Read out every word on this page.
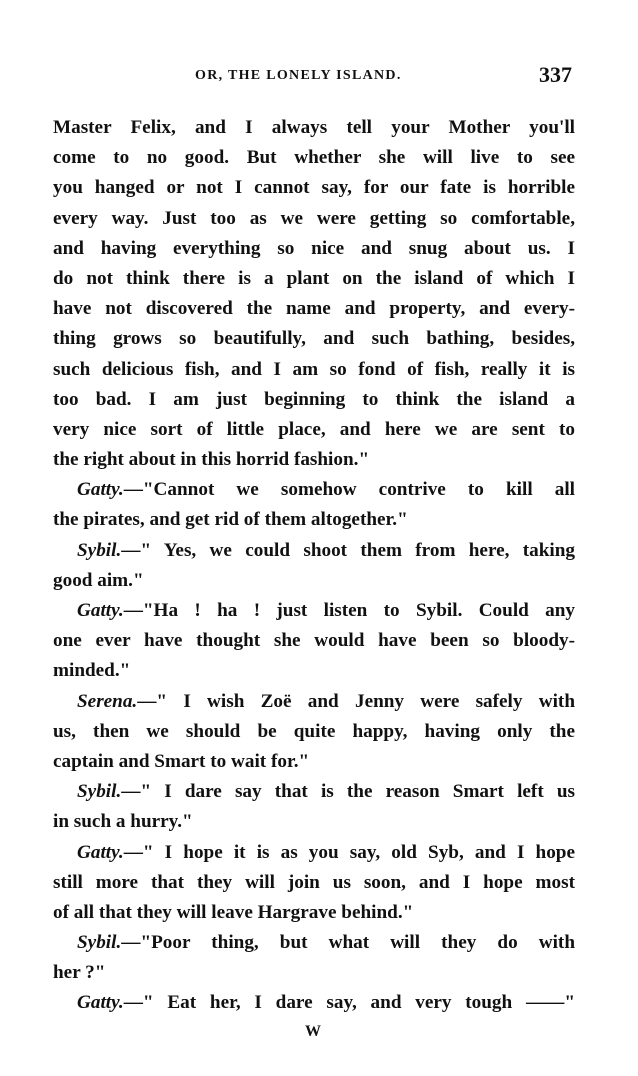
OR, THE LONELY ISLAND.	337
Master Felix, and I always tell your Mother you'll
come to no good. But whether she will live to see
you hanged or not I cannot say, for our fate is horrible
every way. Just too as we were getting so comfortable,
and having everything so nice and snug about us. I
do not think there is a plant on the island of which I
have not discovered the name and property, and every-
thing grows so beautifully, and such bathing, besides,
such delicious fish, and I am so fond of fish, really it is
too bad. I am just beginning to think the island a
very nice sort of little place, and here we are sent to
the right about in this horrid fashion."
Gatty.—"Cannot we somehow contrive to kill all
the pirates, and get rid of them altogether."
Sybil.—" Yes, we could shoot them from here, taking
good aim."
Gatty.—"Ha ! ha ! just listen to Sybil. Could any
one ever have thought she would have been so bloody-
minded."
Serena.—" I wish Zoë and Jenny were safely with
us, then we should be quite happy, having only the
captain and Smart to wait for."
Sybil.—" I dare say that is the reason Smart left us
in such a hurry."
Gatty.—" I hope it is as you say, old Syb, and I hope
still more that they will join us soon, and I hope most
of all that they will leave Hargrave behind."
Sybil.—"Poor thing, but what will they do with
her ?"
Gatty.—" Eat her, I dare say, and very tough ——"
W
